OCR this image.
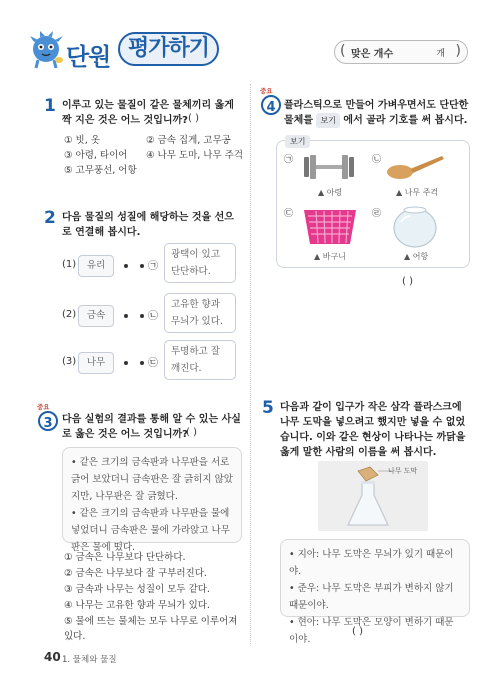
단원 평가하기	( 맞은 개수	개 )
1 이루고 있는 물질이 같은 물체끼리 옳게 짝 지은 것은 어느 것입니까? ( )
① 빗, 옷	② 금속 집게, 고무공
③ 아령, 타이어 ④ 나무 도마, 나무 주걱
⑤ 고무풍선, 어항
2 다음 물질의 성질에 해당하는 것을 선으로 연결해 봅시다.
(1)	유리	㉠
광택이 있고 단단하다.
(2)	금속	㉡
고유한 향과 무늬가 있다.
(3)	나무	㉢
투명하고 잘 깨진다.
중요
3 다음 실험의 결과를 통해 알 수 있는 사실로 옳은 것은 어느 것입니까?
( )
• 같은 크기의 금속판과 나무판을 서로 긁어 보았더니 금속판은 잘 긁히지 않았지만, 나무판은 잘 긁혔다.
• 같은 크기의 금속판과 나무판을 물에 넣었더니 금속판은 물에 가라앉고 나무판은 물에 떴다.
① 금속은 나무보다 단단하다.
② 금속은 나무보다 잘 구부러진다.
③ 금속과 나무는 성질이 모두 같다.
④ 나무는 고유한 향과 무늬가 있다.
⑤ 물에 뜨는 물체는 모두 나무로 이루어져 있다.
중요
4 플라스틱으로 만들어 가벼우면서도 단단한 물체를 보기 에서 골라 기호를 써 봅시다.
보기
㉠
▲ 아령
㉡
▲ 나무 주걱
㉢
▲ 바구니
㉣
▲ 어항
( )
5 다음과 같이 입구가 작은 삼각 플라스크에 나무 도막을 넣으려고 했지만 넣을 수 없었습니다. 이와 같은 현상이 나타나는 까닭을 옳게 말한 사람의 이름을 써 봅시다.
나무 도막
• 지아: 나무 도막은 무늬가 있기 때문이야.
• 준우: 나무 도막은 부피가 변하지 않기 때문이야.
• 현아: 나무 도막은 모양이 변하기 때문이야.
( )
40 1. 물체와 물질
